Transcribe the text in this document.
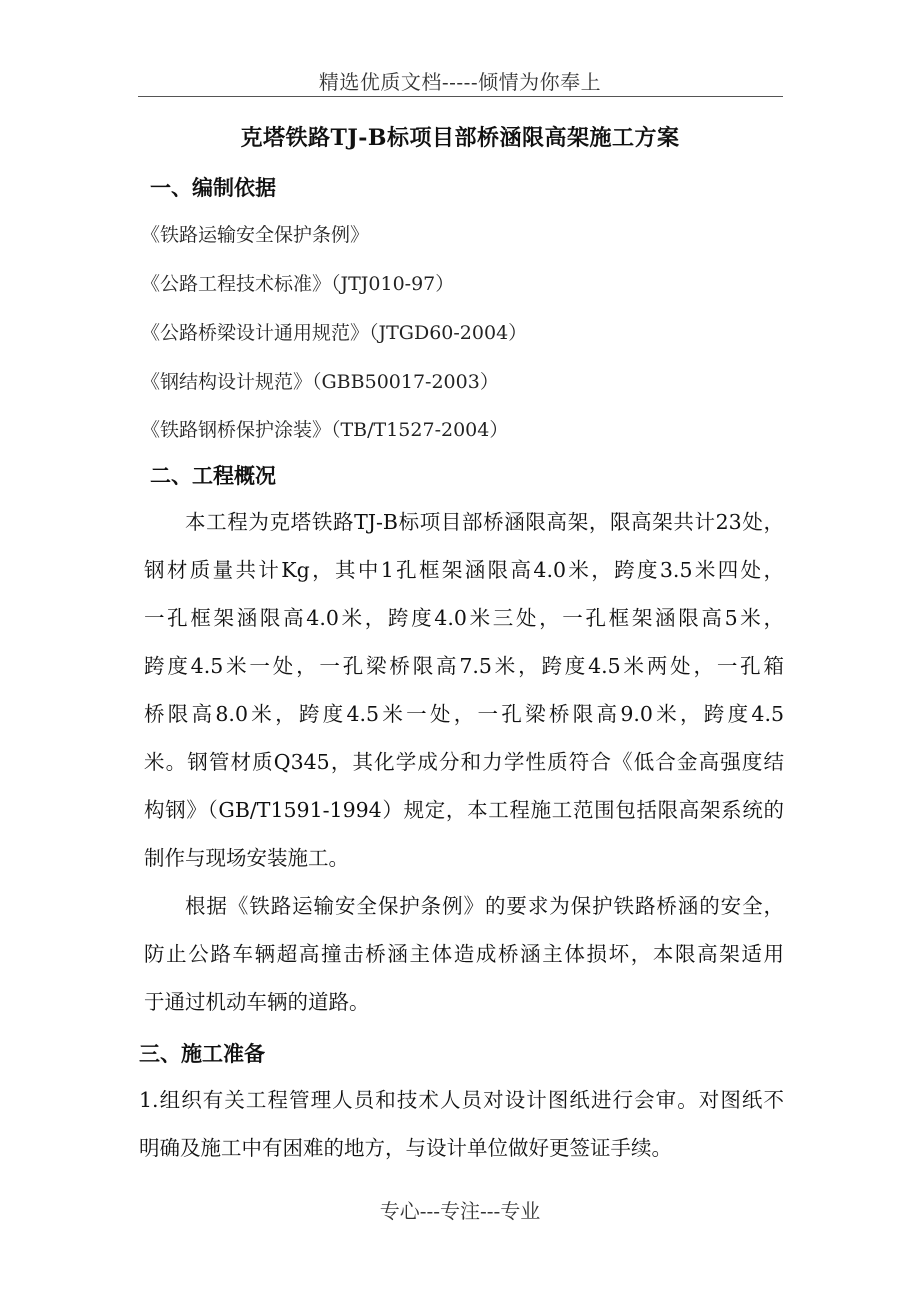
精选优质文档-----倾情为你奉上
克塔铁路TJ-B标项目部桥涵限高架施工方案
一、编制依据
《铁路运输安全保护条例》
《公路工程技术标准》（JTJ010-97）
《公路桥梁设计通用规范》（JTGD60-2004）
《钢结构设计规范》（GBB50017-2003）
《铁路钢桥保护涂装》（TB/T1527-2004）
二、工程概况
本工程为克塔铁路TJ-B标项目部桥涵限高架，限高架共计23处，
钢材质量共计Kg，其中1孔框架涵限高4.0米，跨度3.5米四处，
一孔框架涵限高4.0米，跨度4.0米三处，一孔框架涵限高5米，
跨度4.5米一处，一孔梁桥限高7.5米，跨度4.5米两处，一孔箱
桥限高8.0米，跨度4.5米一处，一孔梁桥限高9.0米，跨度4.5
米。钢管材质Q345，其化学成分和力学性质符合《低合金高强度结
构钢》（GB/T1591-1994）规定，本工程施工范围包括限高架系统的
制作与现场安装施工。
根据《铁路运输安全保护条例》的要求为保护铁路桥涵的安全，
防止公路车辆超高撞击桥涵主体造成桥涵主体损坏，本限高架适用
于通过机动车辆的道路。
三、施工准备
1.组织有关工程管理人员和技术人员对设计图纸进行会审。对图纸不
明确及施工中有困难的地方，与设计单位做好更签证手续。
专心---专注---专业
